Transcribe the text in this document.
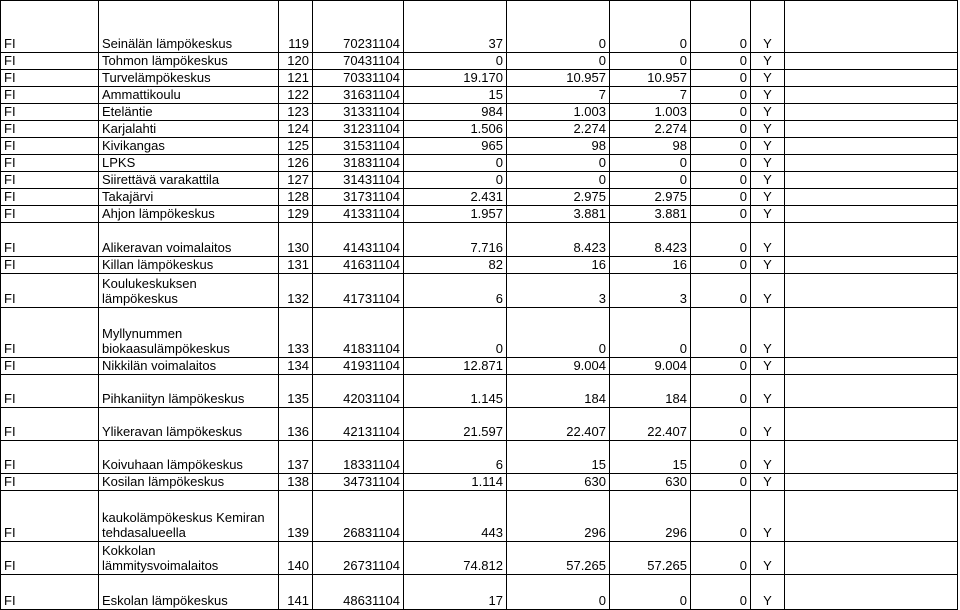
FI	Seinälän lämpökeskus	119	70231104	37	0	0	0	Y	
FI	Tohmon lämpökeskus	120	70431104	0	0	0	0	Y	
FI	Turvelämpökeskus	121	70331104	19.170	10.957	10.957	0	Y	
FI	Ammattikoulu	122	31631104	15	7	7	0	Y	
FI	Eteläntie	123	31331104	984	1.003	1.003	0	Y	
FI	Karjalahti	124	31231104	1.506	2.274	2.274	0	Y	
FI	Kivikangas	125	31531104	965	98	98	0	Y	
FI	LPKS	126	31831104	0	0	0	0	Y	
FI	Siirettävä varakattila	127	31431104	0	0	0	0	Y	
FI	Takajärvi	128	31731104	2.431	2.975	2.975	0	Y	
FI	Ahjon lämpökeskus	129	41331104	1.957	3.881	3.881	0	Y	
FI	Alikeravan voimalaitos	130	41431104	7.716	8.423	8.423	0	Y	
FI	Killan lämpökeskus	131	41631104	82	16	16	0	Y	
FI	Koulukeskuksen lämpökeskus	132	41731104	6	3	3	0	Y	
FI	Myllynummen biokaasulämpökeskus	133	41831104	0	0	0	0	Y	
FI	Nikkilän voimalaitos	134	41931104	12.871	9.004	9.004	0	Y	
FI	Pihkaniityn lämpökeskus	135	42031104	1.145	184	184	0	Y	
FI	Ylikeravan lämpökeskus	136	42131104	21.597	22.407	22.407	0	Y	
FI	Koivuhaan lämpökeskus	137	18331104	6	15	15	0	Y	
FI	Kosilan lämpökeskus	138	34731104	1.114	630	630	0	Y	
FI	kaukolämpökeskus Kemiran tehdasalueella	139	26831104	443	296	296	0	Y	
FI	Kokkolan lämmitysvoimalaitos	140	26731104	74.812	57.265	57.265	0	Y	
FI	Eskolan lämpökeskus	141	48631104	17	0	0	0	Y	
